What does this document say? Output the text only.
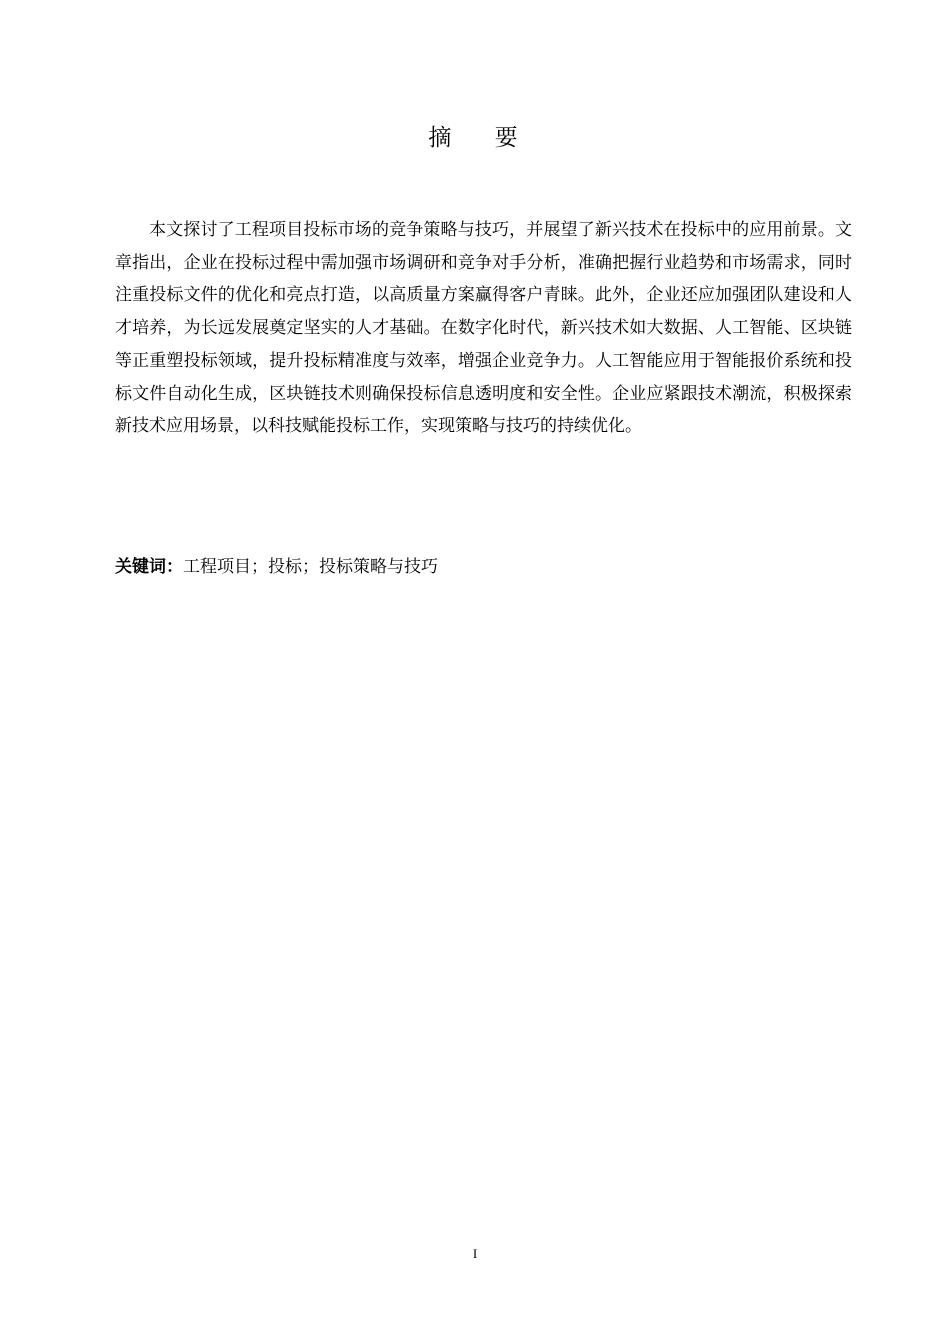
摘 要

本文探讨了工程项目投标市场的竞争策略与技巧，并展望了新兴技术在投标中的应用前景。文章指出，企业在投标过程中需加强市场调研和竞争对手分析，准确把握行业趋势和市场需求，同时注重投标文件的优化和亮点打造，以高质量方案赢得客户青睐。此外，企业还应加强团队建设和人才培养，为长远发展奠定坚实的人才基础。在数字化时代，新兴技术如大数据、人工智能、区块链等正重塑投标领域，提升投标精准度与效率，增强企业竞争力。人工智能应用于智能报价系统和投标文件自动化生成，区块链技术则确保投标信息透明度和安全性。企业应紧跟技术潮流，积极探索新技术应用场景，以科技赋能投标工作，实现策略与技巧的持续优化。

关键词：工程项目；投标；投标策略与技巧

I
